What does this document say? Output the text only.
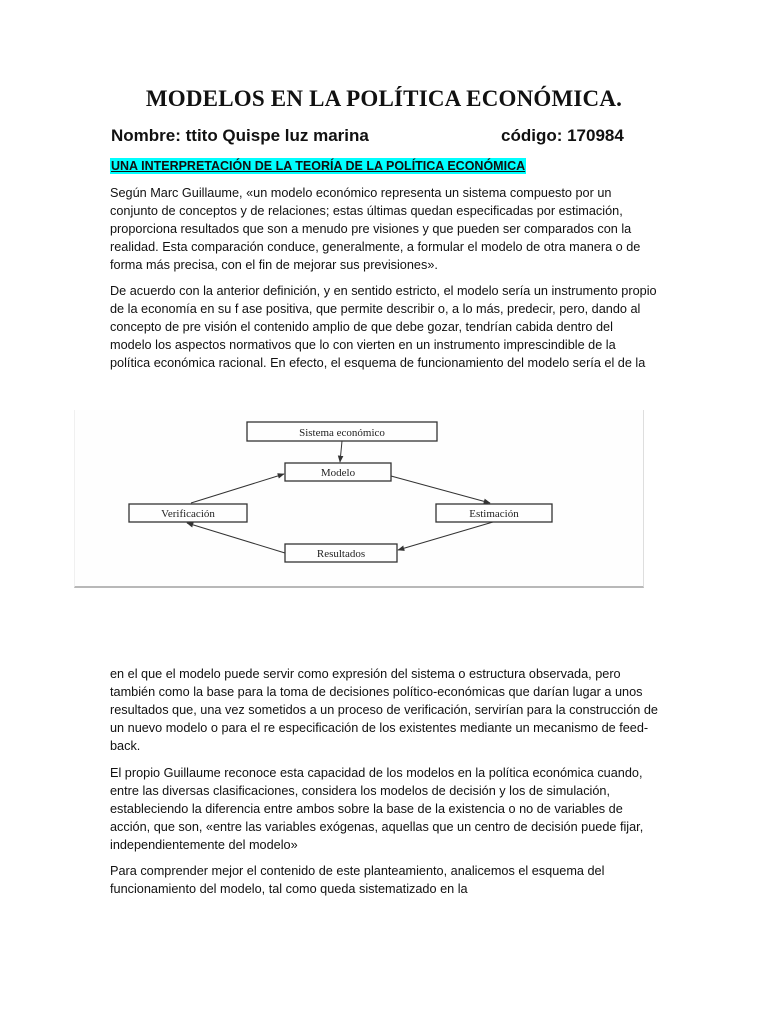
MODELOS EN LA POLÍTICA ECONÓMICA.
Nombre: ttito Quispe luz marina	código: 170984
UNA INTERPRETACIÓN DE LA TEORÍA DE LA POLÍTICA ECONÓMICA

Según Marc Guillaume, «un modelo económico representa un sistema compuesto por un conjunto de conceptos y de relaciones; estas últimas quedan especificadas por estimación, proporciona resultados que son a menudo pre visiones y que pueden ser comparados con la realidad. Esta comparación conduce, generalmente, a formular el modelo de otra manera o de forma más precisa, con el fin de mejorar sus previsiones».

De acuerdo con la anterior definición, y en sentido estricto, el modelo sería un instrumento propio de la economía en su f ase positiva, que permite describir o, a lo más, predecir, pero, dando al concepto de pre visión el contenido amplio de que debe gozar, tendrían cabida dentro del modelo los aspectos normativos que lo con vierten en un instrumento imprescindible de la política económica racional. En efecto, el esquema de funcionamiento del modelo sería el de la

Sistema económico
Modelo
Verificación	Estimación
Resultados

en el que el modelo puede servir como expresión del sistema o estructura observada, pero también como la base para la toma de decisiones político-económicas que darían lugar a unos resultados que, una vez sometidos a un proceso de verificación, servirían para la construcción de un nuevo modelo o para el re especificación de los existentes mediante un mecanismo de feed-back.

El propio Guillaume reconoce esta capacidad de los modelos en la política económica cuando, entre las diversas clasificaciones, considera los modelos de decisión y los de simulación, estableciendo la diferencia entre ambos sobre la base de la existencia o no de variables de acción, que son, «entre las variables exógenas, aquellas que un centro de decisión puede fijar, independientemente del modelo»

Para comprender mejor el contenido de este planteamiento, analicemos el esquema del funcionamiento del modelo, tal como queda sistematizado en la
